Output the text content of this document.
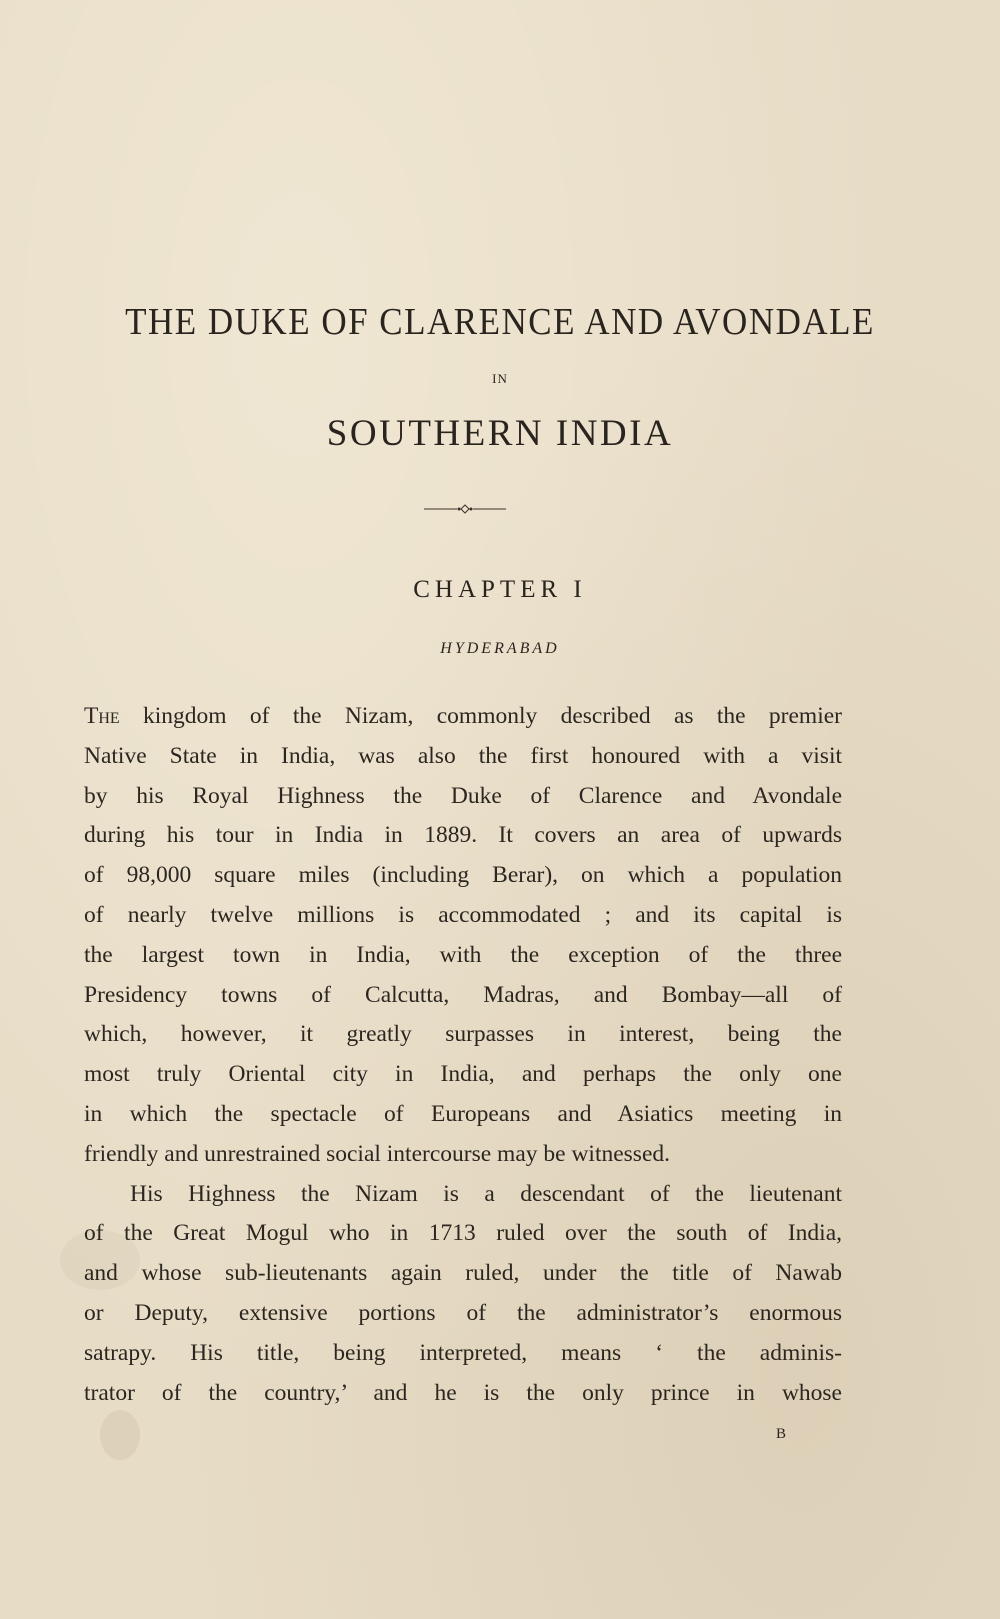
THE DUKE OF CLARENCE AND AVONDALE
IN
SOUTHERN INDIA
CHAPTER I
HYDERABAD
The kingdom of the Nizam, commonly described as the premier
Native State in India, was also the first honoured with a visit
by his Royal Highness the Duke of Clarence and Avondale
during his tour in India in 1889. It covers an area of upwards
of 98,000 square miles (including Berar), on which a population
of nearly twelve millions is accommodated ; and its capital is
the largest town in India, with the exception of the three
Presidency towns of Calcutta, Madras, and Bombay—all of
which, however, it greatly surpasses in interest, being the
most truly Oriental city in India, and perhaps the only one
in which the spectacle of Europeans and Asiatics meeting in
friendly and unrestrained social intercourse may be witnessed.
His Highness the Nizam is a descendant of the lieutenant
of the Great Mogul who in 1713 ruled over the south of India,
and whose sub-lieutenants again ruled, under the title of Nawab
or Deputy, extensive portions of the administrator’s enormous
satrapy. His title, being interpreted, means ‘ the adminis-
trator of the country,’ and he is the only prince in whose
B
